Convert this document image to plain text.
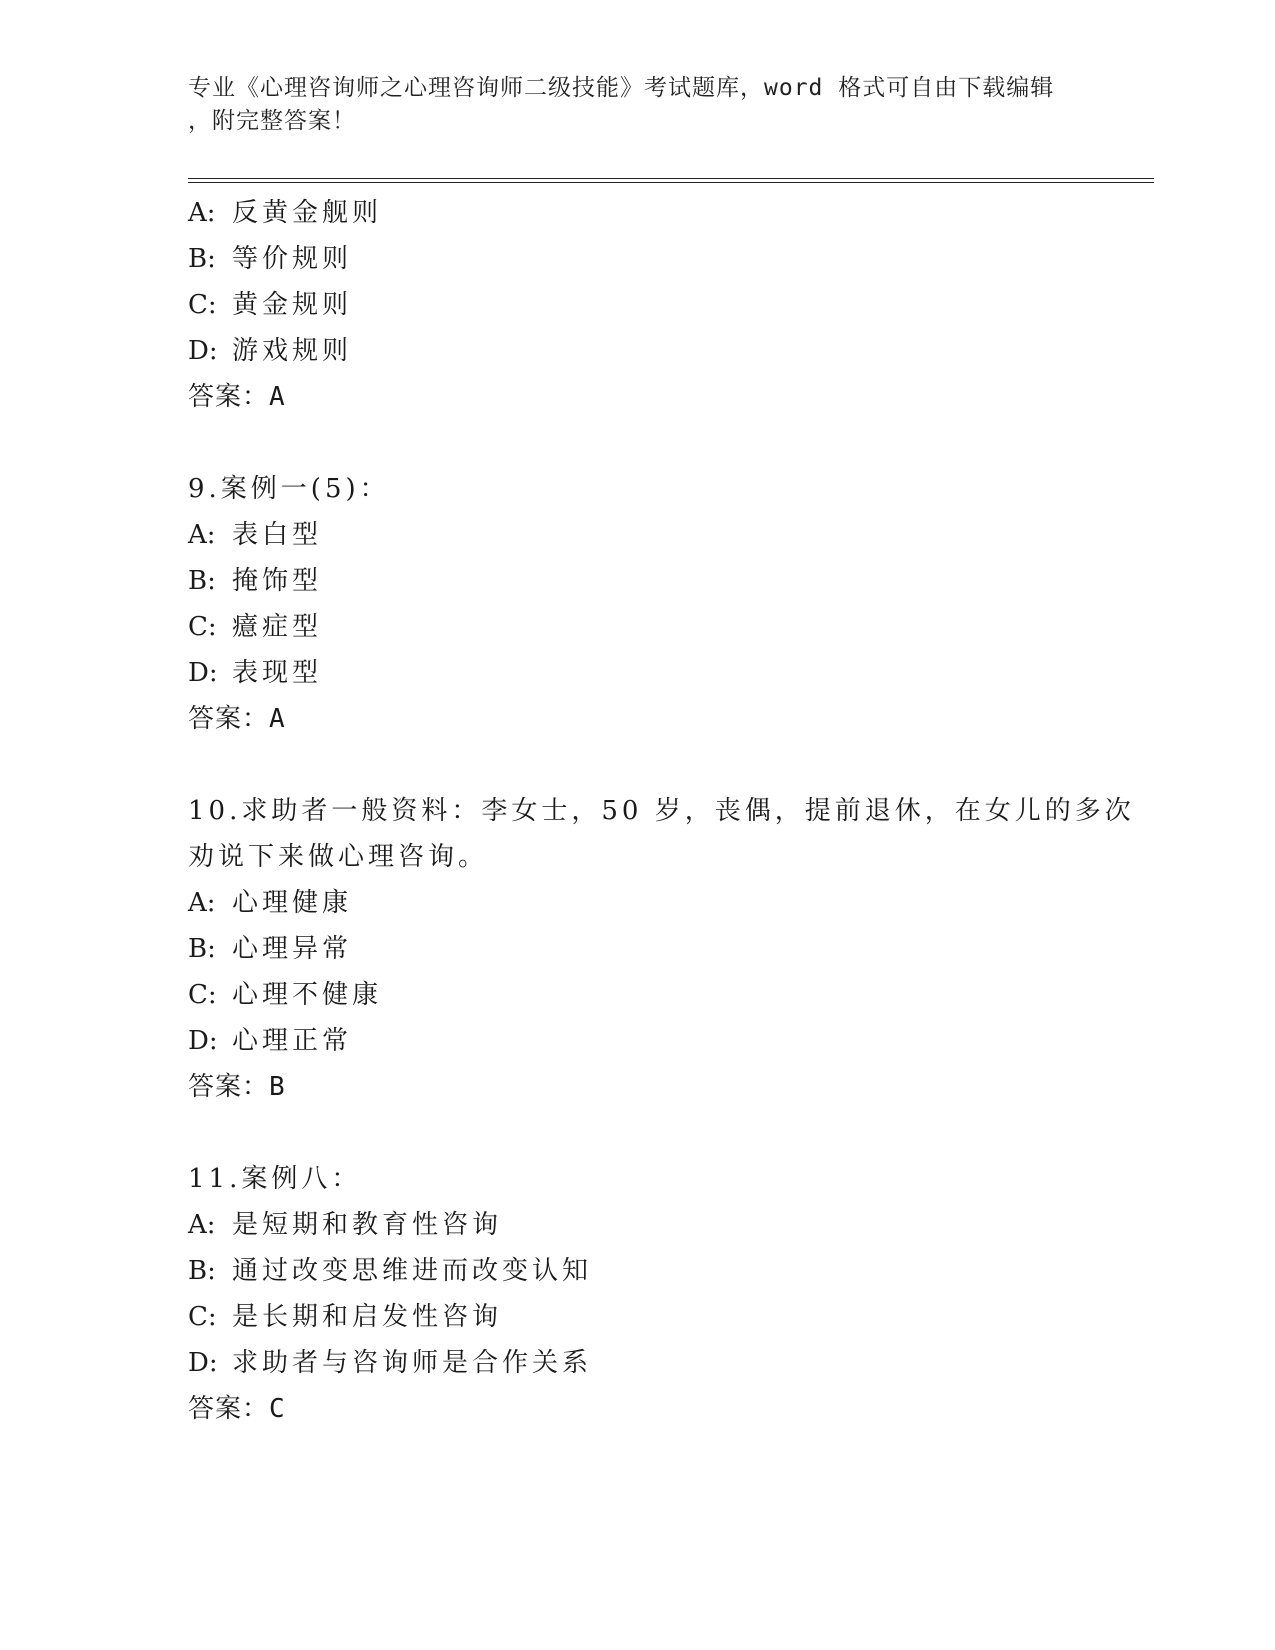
专业《心理咨询师之心理咨询师二级技能》考试题库，word 格式可自由下载编辑
，附完整答案！
A: 反黄金舰则
B: 等价规则
C: 黄金规则
D: 游戏规则
答案：A
9.案例一(5)：
A: 表白型
B: 掩饰型
C: 癔症型
D: 表现型
答案：A
10.求助者一般资料：李女士，50 岁，丧偶，提前退休，在女儿的多次
劝说下来做心理咨询。
A: 心理健康
B: 心理异常
C: 心理不健康
D: 心理正常
答案：B
11.案例八：
A: 是短期和教育性咨询
B: 通过改变思维进而改变认知
C: 是长期和启发性咨询
D: 求助者与咨询师是合作关系
答案：C
